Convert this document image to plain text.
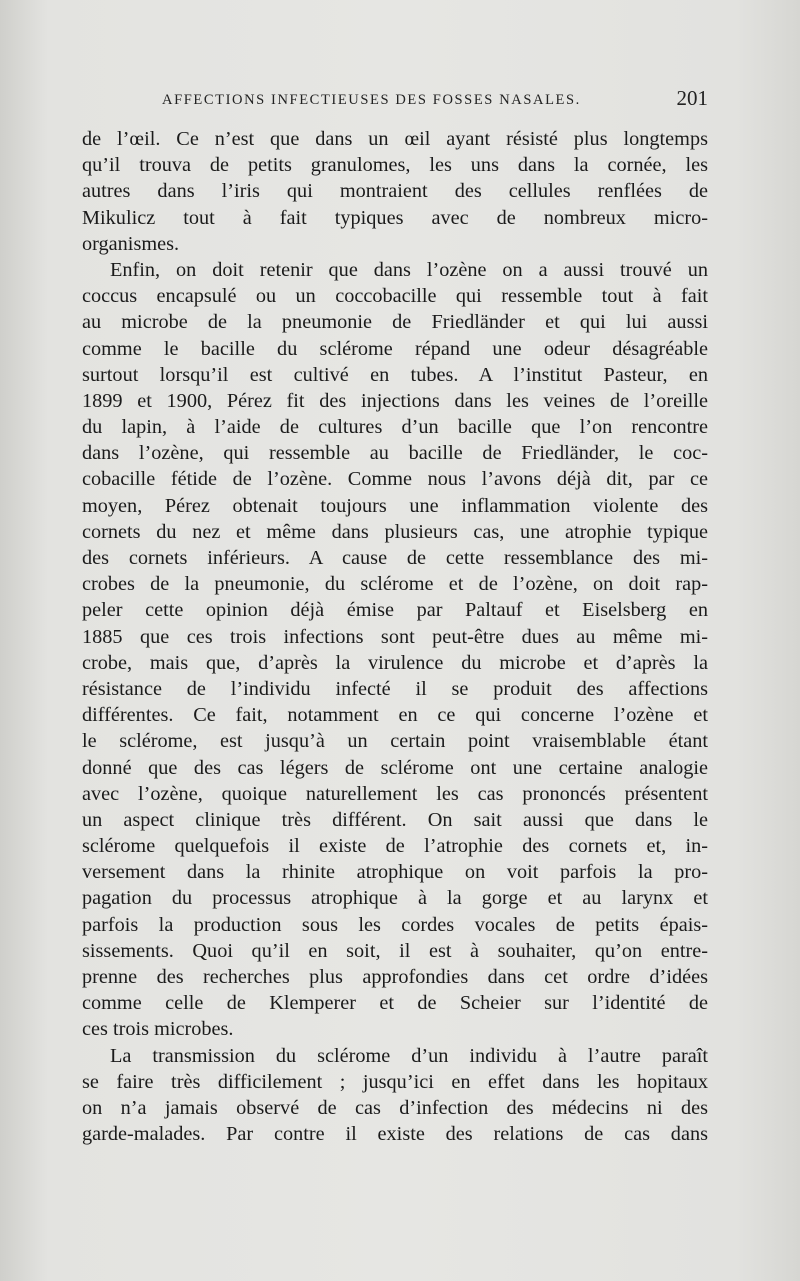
AFFECTIONS INFECTIEUSES DES FOSSES NASALES.	201
de l’œil. Ce n’est que dans un œil ayant résisté plus longtemps
qu’il trouva de petits granulomes, les uns dans la cornée, les
autres dans l’iris qui montraient des cellules renflées de
Mikulicz tout à fait typiques avec de nombreux micro-
organismes.
Enfin, on doit retenir que dans l’ozène on a aussi trouvé un
coccus encapsulé ou un coccobacille qui ressemble tout à fait
au microbe de la pneumonie de Friedländer et qui lui aussi
comme le bacille du sclérome répand une odeur désagréable
surtout lorsqu’il est cultivé en tubes. A l’institut Pasteur, en
1899 et 1900, Pérez fit des injections dans les veines de l’oreille
du lapin, à l’aide de cultures d’un bacille que l’on rencontre
dans l’ozène, qui ressemble au bacille de Friedländer, le coc-
cobacille fétide de l’ozène. Comme nous l’avons déjà dit, par ce
moyen, Pérez obtenait toujours une inflammation violente des
cornets du nez et même dans plusieurs cas, une atrophie typique
des cornets inférieurs. A cause de cette ressemblance des mi-
crobes de la pneumonie, du sclérome et de l’ozène, on doit rap-
peler cette opinion déjà émise par Paltauf et Eiselsberg en
1885 que ces trois infections sont peut-être dues au même mi-
crobe, mais que, d’après la virulence du microbe et d’après la
résistance de l’individu infecté il se produit des affections
différentes. Ce fait, notamment en ce qui concerne l’ozène et
le sclérome, est jusqu’à un certain point vraisemblable étant
donné que des cas légers de sclérome ont une certaine analogie
avec l’ozène, quoique naturellement les cas prononcés présentent
un aspect clinique très différent. On sait aussi que dans le
sclérome quelquefois il existe de l’atrophie des cornets et, in-
versement dans la rhinite atrophique on voit parfois la pro-
pagation du processus atrophique à la gorge et au larynx et
parfois la production sous les cordes vocales de petits épais-
sissements. Quoi qu’il en soit, il est à souhaiter, qu’on entre-
prenne des recherches plus approfondies dans cet ordre d’idées
comme celle de Klemperer et de Scheier sur l’identité de
ces trois microbes.
La transmission du sclérome d’un individu à l’autre paraît
se faire très difficilement ; jusqu’ici en effet dans les hopitaux
on n’a jamais observé de cas d’infection des médecins ni des
garde-malades. Par contre il existe des relations de cas dans
